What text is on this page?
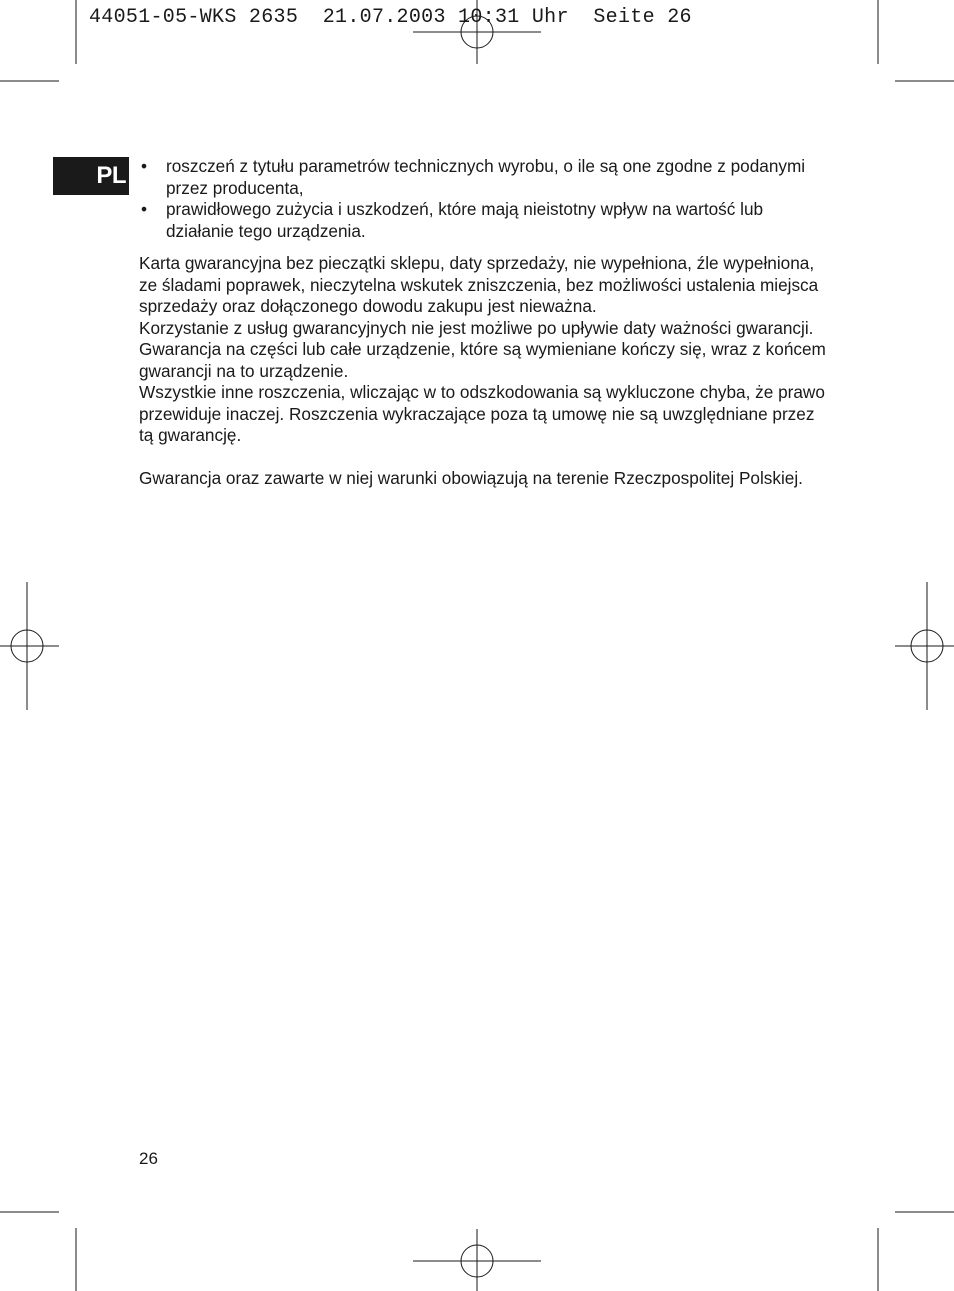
44051-05-WKS 2635  21.07.2003 10:31 Uhr  Seite 26
PL • roszczeń z tytułu parametrów technicznych wyrobu, o ile są one zgodne z podanymi przez producenta,
• prawidłowego zużycia i uszkodzeń, które mają nieistotny wpływ na wartość lub działanie tego urządzenia.

Karta gwarancyjna bez pieczątki sklepu, daty sprzedaży, nie wypełniona, źle wypełniona, ze śladami poprawek, nieczytelna wskutek zniszczenia, bez możliwości ustalenia miejsca sprzedaży oraz dołączonego dowodu zakupu jest nieważna.

Korzystanie z usług gwarancyjnych nie jest możliwe po upływie daty ważności gwarancji. Gwarancja na części lub całe urządzenie, które są wymieniane kończy się, wraz z końcem gwarancji na to urządzenie.

Wszystkie inne roszczenia, wliczając w to odszkodowania są wykluczone chyba, że prawo przewiduje inaczej. Roszczenia wykraczające poza tą umowę nie są uwzględniane przez tą gwarancję.

Gwarancja oraz zawarte w niej warunki obowiązują na terenie Rzeczpospolitej Polskiej.

26
